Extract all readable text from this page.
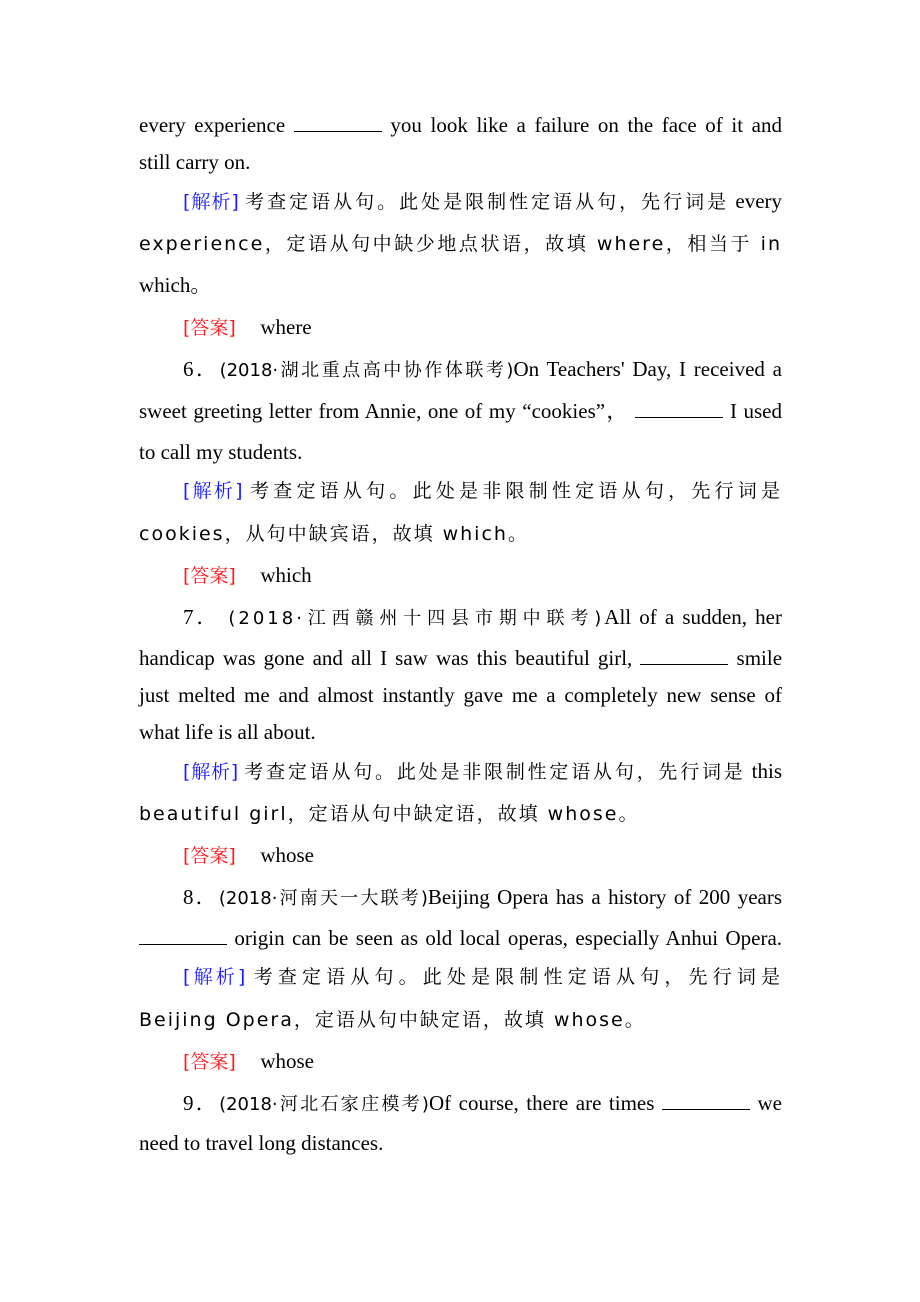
every experience	you look like a failure on the face of it and
still carry on.
[解析] 考查定语从句。此处是限制性定语从句，先行词是 every
experience，定语从句中缺少地点状语，故填 where，相当于 in
which。
[答案] where
6．(2018·湖北重点高中协作体联考)On Teachers' Day, I received a
sweet greeting letter from Annie, one of my “cookies”，	I used
to call my students.
[解析] 考查定语从句。此处是非限制性定语从句，先行词是
cookies，从句中缺宾语，故填 which。
[答案] which
7． (2018·江西赣州十四县市期中联考)All of a sudden, her
handicap was gone and all I saw was this beautiful girl,	smile
just melted me and almost instantly gave me a completely new sense of
what life is all about.
[解析] 考查定语从句。此处是非限制性定语从句，先行词是 this
beautiful girl，定语从句中缺定语，故填 whose。
[答案] whose
8．(2018·河南天一大联考)Beijing Opera has a history of 200 years
origin can be seen as old local operas, especially Anhui Opera.
[解析] 考查定语从句。此处是限制性定语从句，先行词是
Beijing Opera，定语从句中缺定语，故填 whose。
[答案] whose
9．(2018·河北石家庄模考)Of course, there are times	we
need to travel long distances.
